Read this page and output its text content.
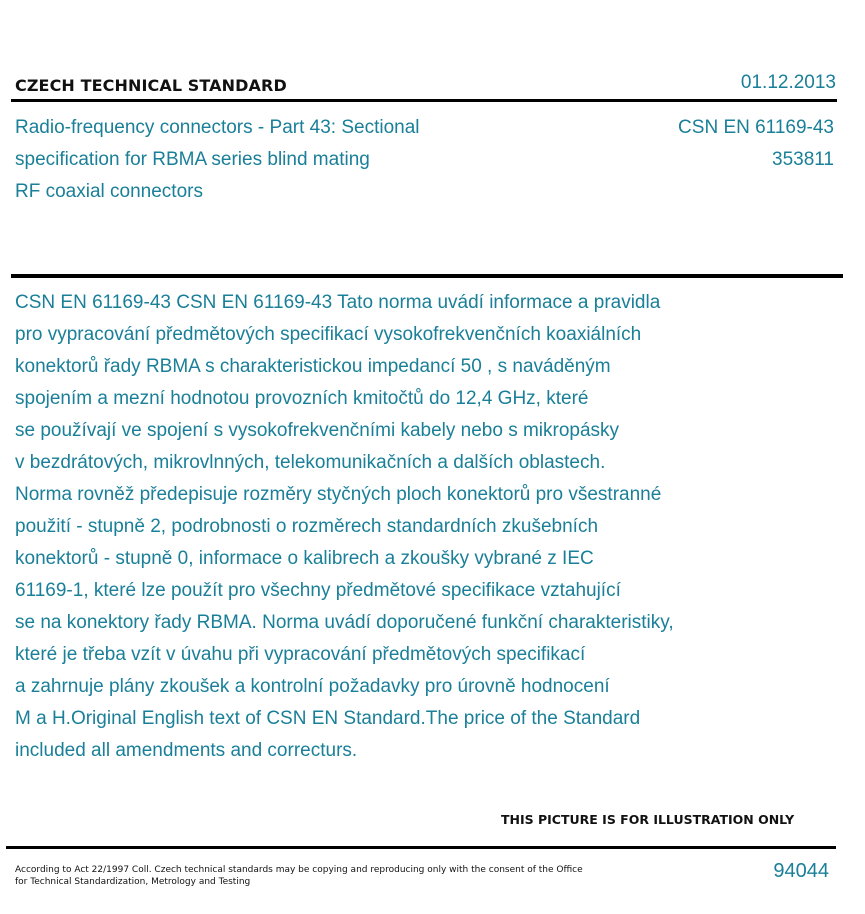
CZECH TECHNICAL STANDARD	01.12.2013
Radio-frequency connectors - Part 43: Sectional
specification for RBMA series blind mating
RF coaxial connectors
CSN EN 61169-43
353811
CSN EN 61169-43 CSN EN 61169-43 Tato norma uvádí informace a pravidla
pro vypracování předmětových specifikací vysokofrekvenčních koaxiálních
konektorů řady RBMA s charakteristickou impedancí 50 , s naváděným
spojením a mezní hodnotou provozních kmitočtů do 12,4 GHz, které
se používají ve spojení s vysokofrekvenčními kabely nebo s mikropásky
v bezdrátových, mikrovlnných, telekomunikačních a dalších oblastech.
Norma rovněž předepisuje rozměry styčných ploch konektorů pro všestranné
použití - stupně 2, podrobnosti o rozměrech standardních zkušebních
konektorů - stupně 0, informace o kalibrech a zkoušky vybrané z IEC
61169-1, které lze použít pro všechny předmětové specifikace vztahující
se na konektory řady RBMA. Norma uvádí doporučené funkční charakteristiky,
které je třeba vzít v úvahu při vypracování předmětových specifikací
a zahrnuje plány zkoušek a kontrolní požadavky pro úrovně hodnocení
M a H.Original English text of CSN EN Standard.The price of the Standard
included all amendments and correcturs.
THIS PICTURE IS FOR ILLUSTRATION ONLY
According to Act 22/1997 Coll. Czech technical standards may be copying and reproducing only with the consent of the Office
for Technical Standardization, Metrology and Testing	94044
